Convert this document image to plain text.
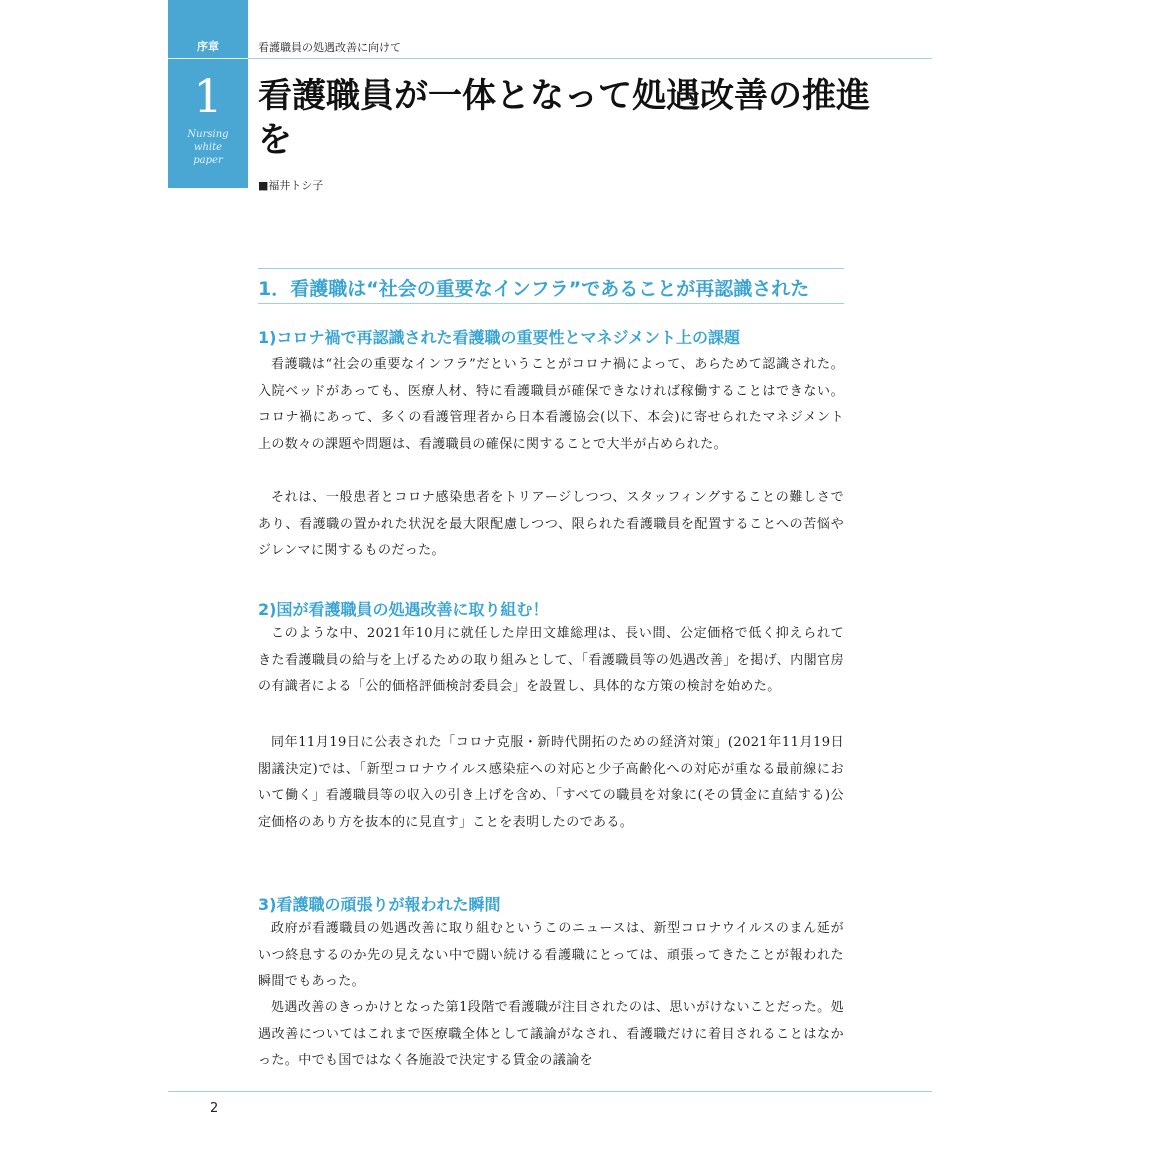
序章
1
Nursing
white
paper
看護職員の処遇改善に向けて
看護職員が一体となって処遇改善の推進を
■福井トシ子
1．看護職は“社会の重要なインフラ”であることが再認識された
1)コロナ禍で再認識された看護職の重要性とマネジメント上の課題

看護職は“社会の重要なインフラ”だということがコロナ禍によって、あらためて認識された。入院ベッドがあっても、医療人材、特に看護職員が確保できなければ稼働することはできない。コロナ禍にあって、多くの看護管理者から日本看護協会(以下、本会)に寄せられたマネジメント上の数々の課題や問題は、看護職員の確保に関することで大半が占められた。

それは、一般患者とコロナ感染患者をトリアージしつつ、スタッフィングすることの難しさであり、看護職の置かれた状況を最大限配慮しつつ、限られた看護職員を配置することへの苦悩やジレンマに関するものだった。

2)国が看護職員の処遇改善に取り組む！

このような中、2021年10月に就任した岸田文雄総理は、長い間、公定価格で低く抑えられてきた看護職員の給与を上げるための取り組みとして、「看護職員等の処遇改善」を掲げ、内閣官房の有識者による「公的価格評価検討委員会」を設置し、具体的な方策の検討を始めた。

同年11月19日に公表された「コロナ克服・新時代開拓のための経済対策」(2021年11月19日閣議決定)では、「新型コロナウイルス感染症への対応と少子高齢化への対応が重なる最前線において働く」看護職員等の収入の引き上げを含め、「すべての職員を対象に(その賃金に直結する)公定価格のあり方を抜本的に見直す」ことを表明したのである。

3)看護職の頑張りが報われた瞬間

政府が看護職員の処遇改善に取り組むというこのニュースは、新型コロナウイルスのまん延がいつ終息するのか先の見えない中で闘い続ける看護職にとっては、頑張ってきたことが報われた瞬間でもあった。

処遇改善のきっかけとなった第1段階で看護職が注目されたのは、思いがけないことだった。処遇改善についてはこれまで医療職全体として議論がなされ、看護職だけに着目されることはなかった。中でも国ではなく各施設で決定する賃金の議論を

2
